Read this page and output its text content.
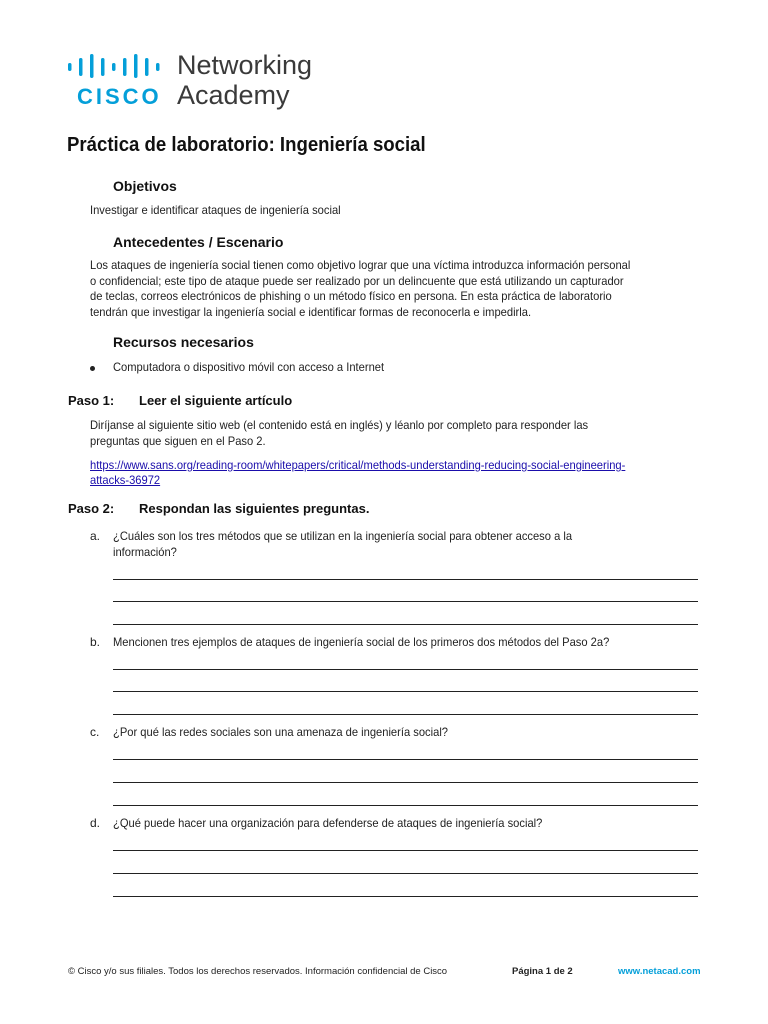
CISCO
Networking
Academy
Práctica de laboratorio: Ingeniería social
Objetivos
Investigar e identificar ataques de ingeniería social
Antecedentes / Escenario
Los ataques de ingeniería social tienen como objetivo lograr que una víctima introduzca información personal
o confidencial; este tipo de ataque puede ser realizado por un delincuente que está utilizando un capturador
de teclas, correos electrónicos de phishing o un método físico en persona. En esta práctica de laboratorio
tendrán que investigar la ingeniería social e identificar formas de reconocerla e impedirla.
Recursos necesarios
Computadora o dispositivo móvil con acceso a Internet
Paso 1: Leer el siguiente artículo
Diríjanse al siguiente sitio web (el contenido está en inglés) y léanlo por completo para responder las
preguntas que siguen en el Paso 2.
https://www.sans.org/reading-room/whitepapers/critical/methods-understanding-reducing-social-engineering-
attacks-36972
Paso 2: Respondan las siguientes preguntas.
a. ¿Cuáles son los tres métodos que se utilizan en la ingeniería social para obtener acceso a la
información?
b. Mencionen tres ejemplos de ataques de ingeniería social de los primeros dos métodos del Paso 2a?
c. ¿Por qué las redes sociales son una amenaza de ingeniería social?
d. ¿Qué puede hacer una organización para defenderse de ataques de ingeniería social?
© Cisco y/o sus filiales. Todos los derechos reservados. Información confidencial de Cisco	Página 1 de 2	www.netacad.com
